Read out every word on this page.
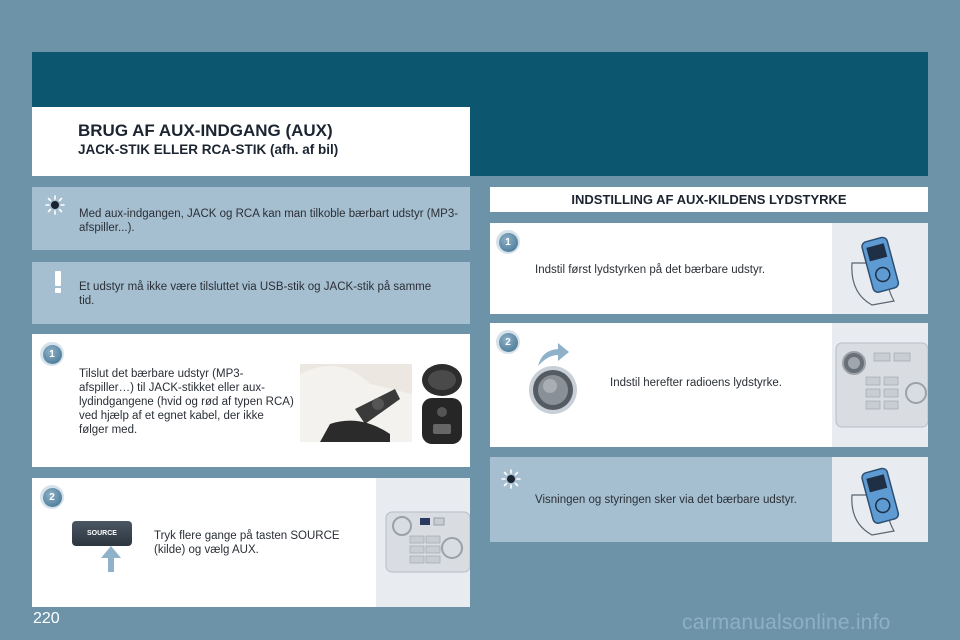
BRUG AF AUX-INDGANG (AUX)
JACK-STIK ELLER RCA-STIK (afh. af bil)
Med aux-indgangen, JACK og RCA kan man tilkoble bærbart udstyr (MP3-afspiller...).
Et udstyr må ikke være tilsluttet via USB-stik og JACK-stik på samme tid.
1
Tilslut det bærbare udstyr (MP3-afspiller…) til JACK-stikket eller aux-lydindgangene (hvid og rød af typen RCA) ved hjælp af et egnet kabel, der ikke følger med.
2
SOURCE	Tryk flere gange på tasten SOURCE (kilde) og vælg AUX.
INDSTILLING AF AUX-KILDENS LYDSTYRKE
1
Indstil først lydstyrken på det bærbare udstyr.
2
Indstil herefter radioens lydstyrke.
Visningen og styringen sker via det bærbare udstyr.
220	carmanualsonline.info
